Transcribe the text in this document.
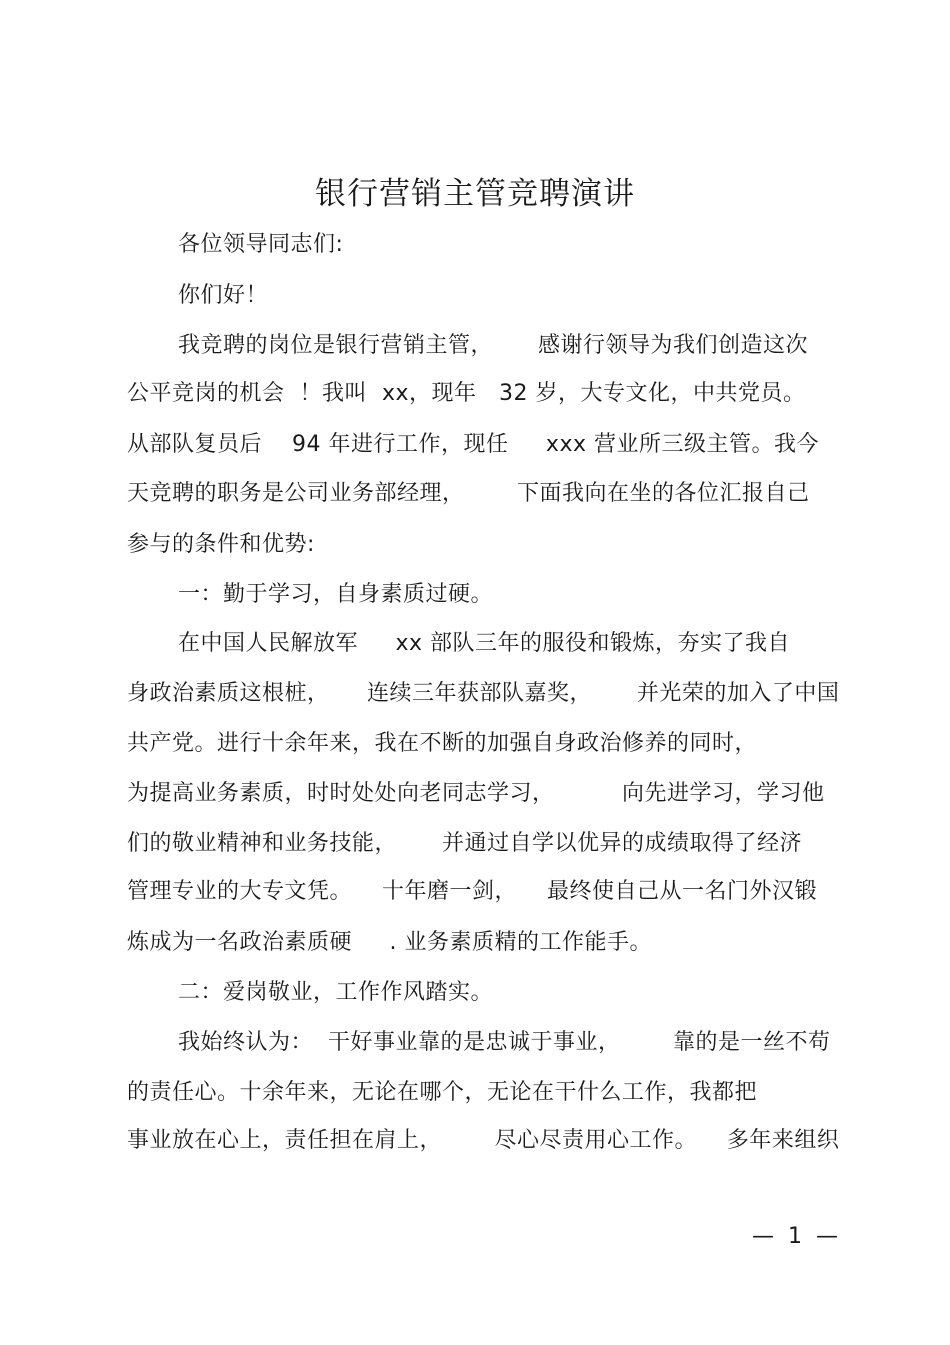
银行营销主管竞聘演讲
各位领导同志们:
你们好！
我竞聘的岗位是银行营销主管，      感谢行领导为我们创造这次
公平竞岗的机会  ！我叫  xx，现年   32 岁，大专文化，中共党员。
从部队复员后    94 年进行工作，现任     xxx 营业所三级主管。我今
天竞聘的职务是公司业务部经理，       下面我向在坐的各位汇报自己
参与的条件和优势:
一：勤于学习，自身素质过硬。
在中国人民解放军     xx 部队三年的服役和锻炼，夯实了我自
身政治素质这根桩，     连续三年获部队嘉奖，      并光荣的加入了中国
共产党。进行十余年来，我在不断的加强自身政治修养的同时，
为提高业务素质，时时处处向老同志学习，         向先进学习，学习他
们的敬业精神和业务技能，      并通过自学以优异的成绩取得了经济
管理专业的大专文凭。    十年磨一剑，    最终使自己从一名门外汉锻
炼成为一名政治素质硬     . 业务素质精的工作能手。
二：爱岗敬业，工作作风踏实。
我始终认为：  干好事业靠的是忠诚于事业，       靠的是一丝不苟
的责任心。十余年来，无论在哪个，无论在干什么工作，我都把
事业放在心上，责任担在肩上，       尽心尽责用心工作。    多年来组织
—  1  —
